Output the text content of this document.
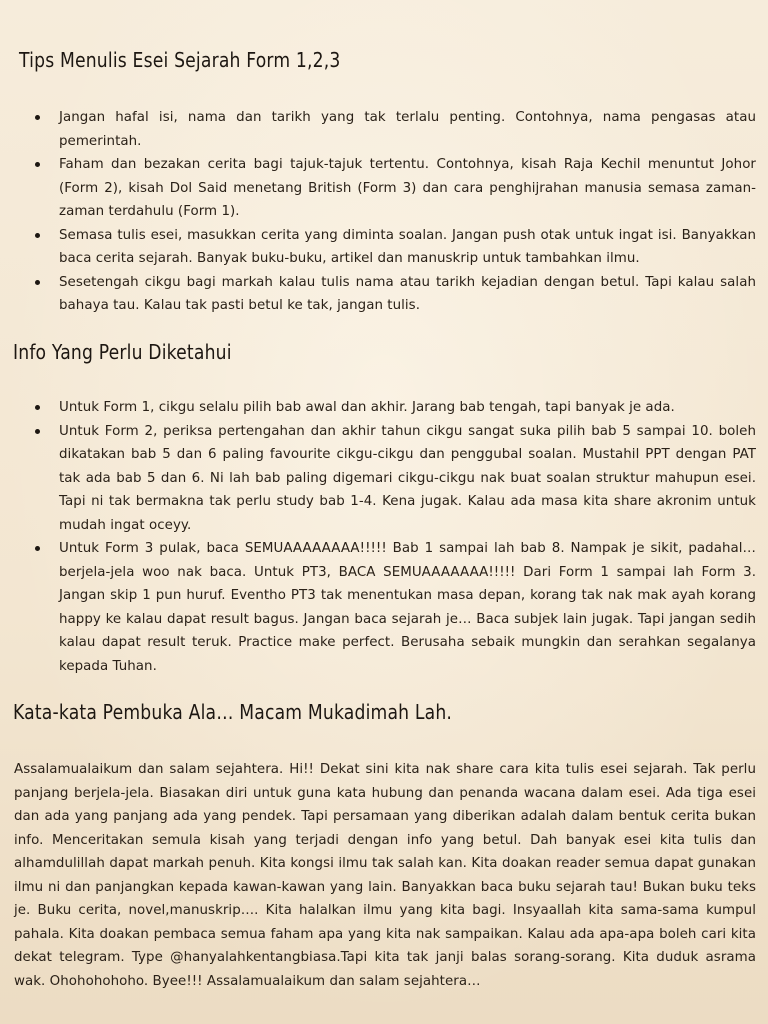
Tips Menulis Esei Sejarah Form 1,2,3
Jangan hafal isi, nama dan tarikh yang tak terlalu penting. Contohnya, nama pengasas atau pemerintah.
Faham dan bezakan cerita bagi tajuk-tajuk tertentu. Contohnya, kisah Raja Kechil menuntut Johor (Form 2), kisah Dol Said menetang British (Form 3) dan cara penghijrahan manusia semasa zaman-zaman terdahulu (Form 1).
Semasa tulis esei, masukkan cerita yang diminta soalan. Jangan push otak untuk ingat isi. Banyakkan baca cerita sejarah. Banyak buku-buku, artikel dan manuskrip untuk tambahkan ilmu.
Sesetengah cikgu bagi markah kalau tulis nama atau tarikh kejadian dengan betul. Tapi kalau salah bahaya tau. Kalau tak pasti betul ke tak, jangan tulis.
Info Yang Perlu Diketahui
Untuk Form 1, cikgu selalu pilih bab awal dan akhir. Jarang bab tengah, tapi banyak je ada.
Untuk Form 2, periksa pertengahan dan akhir tahun cikgu sangat suka pilih bab 5 sampai 10. boleh dikatakan bab 5 dan 6 paling favourite cikgu-cikgu dan penggubal soalan. Mustahil PPT dengan PAT tak ada bab 5 dan 6. Ni lah bab paling digemari cikgu-cikgu nak buat soalan struktur mahupun esei. Tapi ni tak bermakna tak perlu study bab 1-4. Kena jugak. Kalau ada masa kita share akronim untuk mudah ingat oceyy.
Untuk Form 3 pulak, baca SEMUAAAAAAAA!!!!! Bab 1 sampai lah bab 8. Nampak je sikit, padahal… berjela-jela woo nak baca. Untuk PT3, BACA SEMUAAAAAAA!!!!! Dari Form 1 sampai lah Form 3. Jangan skip 1 pun huruf. Eventho PT3 tak menentukan masa depan, korang tak nak mak ayah korang happy ke kalau dapat result bagus. Jangan baca sejarah je… Baca subjek lain jugak. Tapi jangan sedih kalau dapat result teruk. Practice make perfect. Berusaha sebaik mungkin dan serahkan segalanya kepada Tuhan.
Kata-kata Pembuka Ala… Macam Mukadimah Lah.

Assalamualaikum dan salam sejahtera. Hi!! Dekat sini kita nak share cara kita tulis esei sejarah. Tak perlu panjang berjela-jela. Biasakan diri untuk guna kata hubung dan penanda wacana dalam esei. Ada tiga esei dan ada yang panjang ada yang pendek. Tapi persamaan yang diberikan adalah dalam bentuk cerita bukan info. Menceritakan semula kisah yang terjadi dengan info yang betul. Dah banyak esei kita tulis dan alhamdulillah dapat markah penuh. Kita kongsi ilmu tak salah kan. Kita doakan reader semua dapat gunakan ilmu ni dan panjangkan kepada kawan-kawan yang lain. Banyakkan baca buku sejarah tau! Bukan buku teks je. Buku cerita, novel,manuskrip…. Kita halalkan ilmu yang kita bagi. Insyaallah kita sama-sama kumpul pahala. Kita doakan pembaca semua faham apa yang kita nak sampaikan. Kalau ada apa-apa boleh cari kita dekat telegram. Type @hanyalahkentangbiasa.Tapi kita tak janji balas sorang-sorang. Kita duduk asrama wak. Ohohohohoho. Byee!!! Assalamualaikum dan salam sejahtera…
